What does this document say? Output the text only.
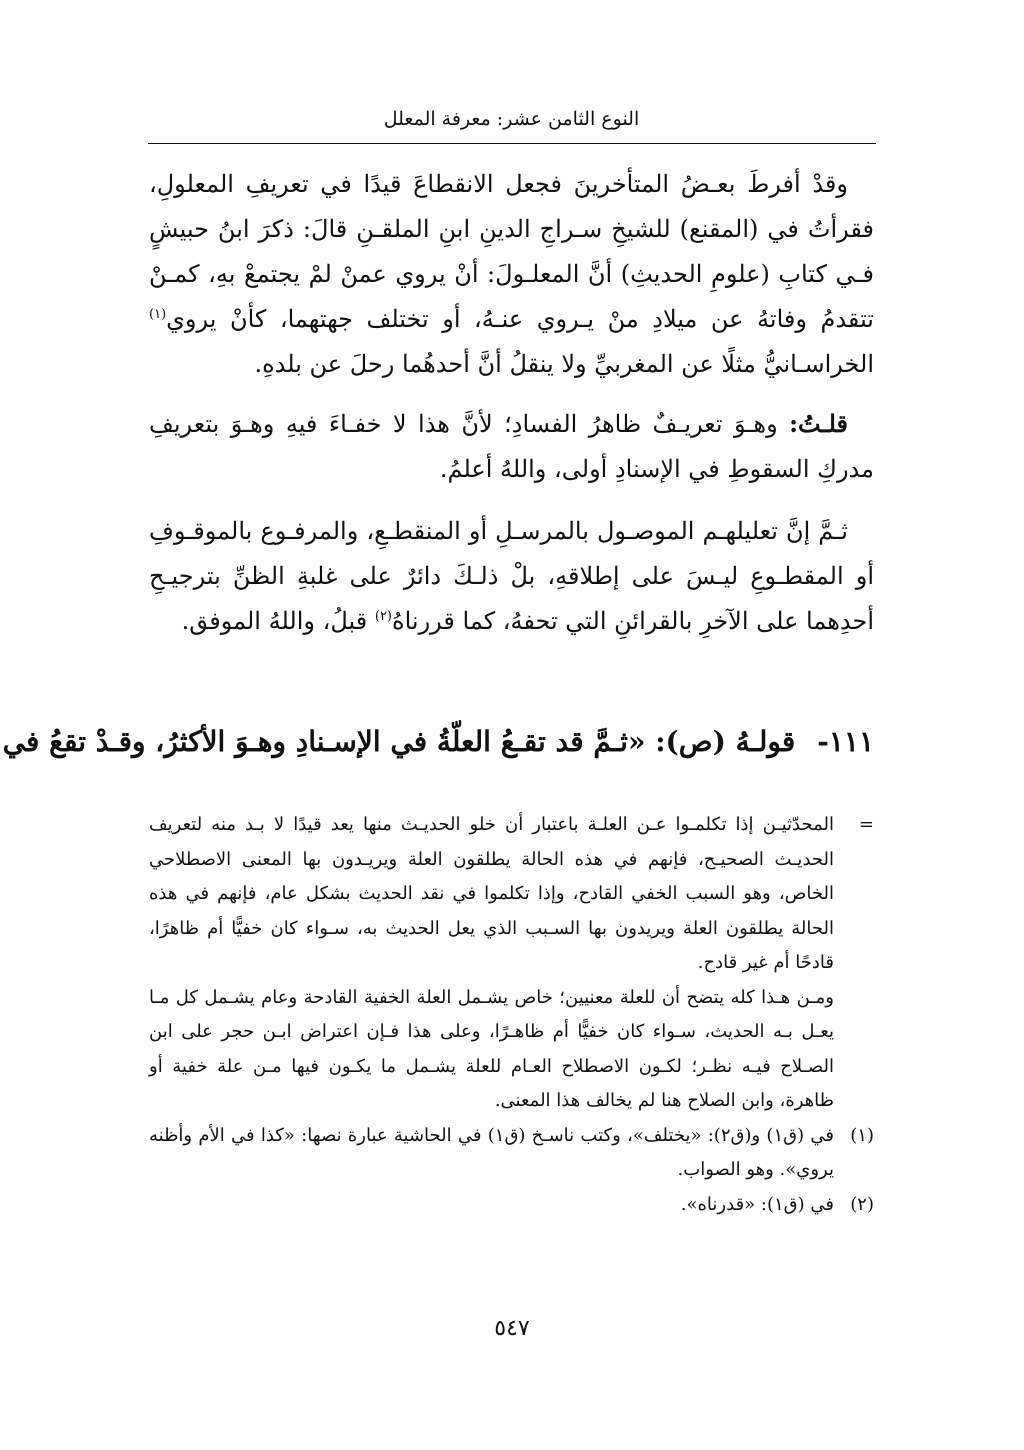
النوع الثامن عشر: معرفة المعلل

وقدْ أفرطَ بعـضُ المتأخرينَ فجعل الانقطاعَ قيدًا في تعريفِ المعلولِ، فقرأتُ في (المقنع) للشيخِ سـراجِ الدينِ ابنِ الملقـنِ قالَ: ذكرَ ابنُ حبيشٍ فـي كتابِ (علومِ الحديثِ) أنَّ المعلـولَ: أنْ يروي عمنْ لمْ يجتمعْ بهِ، كمـنْ تتقدمُ وفاتهُ عن ميلادِ منْ يـروي عنـهُ، أو تختلف جهتهما، كأنْ يروي$^{(١)}$ الخراسـانيُّ مثلًا عن المغربيِّ ولا ينقلُ أنَّ أحدهُما رحلَ عن بلدهِ.

قلـتُ: وهـوَ تعريـفٌ ظاهرُ الفسادِ؛ لأنَّ هذا لا خفـاءَ فيهِ وهـوَ بتعريفِ مدركِ السقوطِ في الإسنادِ أولى، واللهُ أعلمُ.

ثـمَّ إنَّ تعليلهـم الموصـول بالمرسـلِ أو المنقطـعِ، والمرفـوع بالموقـوفِ أو المقطـوعِ ليـسَ على إطلاقهِ، بلْ ذلـكَ دائرٌ على غلبةِ الظنِّ بترجيـحِ أحدِهما على الآخرِ بالقرائنِ التي تحفهُ، كما قررناهُ$^{(٢)}$ قبلُ، واللهُ الموفق.

١١١-قولـهُ (ص): «ثـمَّ قد تقـعُ العلّةُ في الإسـنادِ وهـوَ الأكثرُ، وقـدْ تقعُ في
=
المحدّثيـن إذا تكلمـوا عـن العلـة باعتبار أن خلو الحديـث منها يعد قيدًا لا بـد منه لتعريف الحديـث الصحيـح، فإنهم في هذه الحالة يطلقون العلة ويريـدون بها المعنى الاصطلاحي الخاص، وهو السبب الخفي القادح، وإذا تكلموا في نقد الحديث بشكل عام، فإنهم في هذه الحالة يطلقون العلة ويريدون بها السـبب الذي يعل الحديث به، سـواء كان خفيًّا أم ظاهرًا، قادحًا أم غير قادح.
ومـن هـذا كله يتضح أن للعلة معنيين؛ خاص يشـمل العلة الخفية القادحة وعام يشـمل كل مـا يعـل بـه الحديث، سـواء كان خفيًّا أم ظاهـرًا، وعلى هذا فـإن اعتراض ابـن حجر على ابن الصـلاح فيـه نظـر؛ لكـون الاصطلاح العـام للعلة يشـمل ما يكـون فيها مـن علة خفية أو ظاهرة، وابن الصلاح هنا لم يخالف هذا المعنى.
(١)
في (ق١) و(ق٢): «يختلف»، وكتب ناسـخ (ق١) في الحاشية عبارة نصها: «كذا في الأم وأظنه يروي». وهو الصواب.
(٢)
في (ق١): «قدرناه».
٥٤٧
